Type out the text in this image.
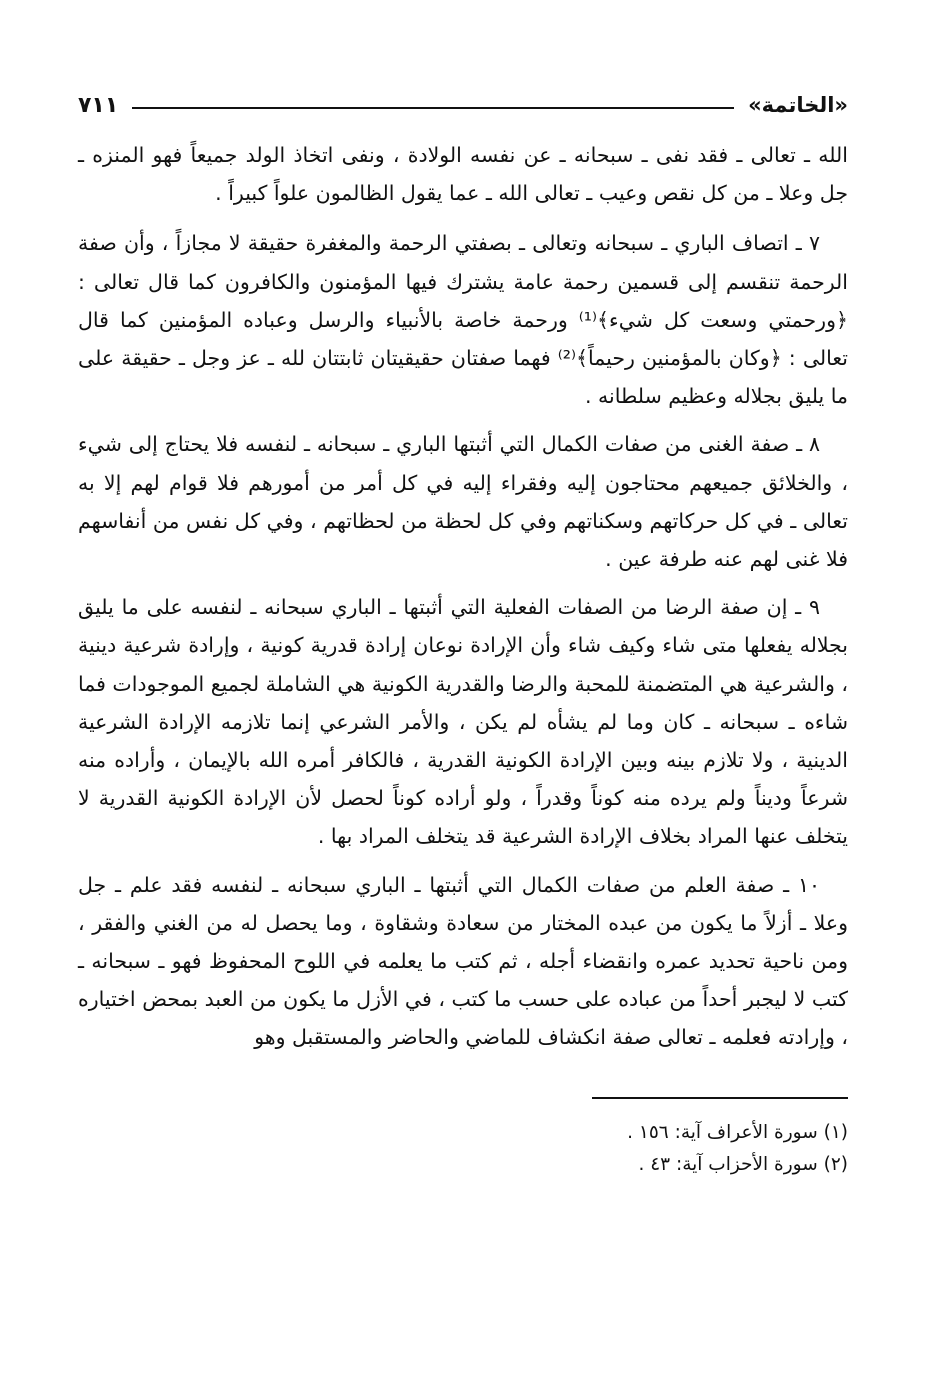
«الخاتمة»
٧١١

الله ـ تعالى ـ فقد نفى ـ سبحانه ـ عن نفسه الولادة ، ونفى اتخاذ الولد جميعاً فهو المنزه ـ جل وعلا ـ من كل نقص وعيب ـ تعالى الله ـ عما يقول الظالمون علواً كبيراً .

٧ ـ اتصاف الباري ـ سبحانه وتعالى ـ بصفتي الرحمة والمغفرة حقيقة لا مجازاً ، وأن صفة الرحمة تنقسم إلى قسمين رحمة عامة يشترك فيها المؤمنون والكافرون كما قال تعالى : ﴿ورحمتي وسعت كل شيء﴾⁽¹⁾ ورحمة خاصة بالأنبياء والرسل وعباده المؤمنين كما قال تعالى : ﴿وكان بالمؤمنين رحيماً﴾⁽²⁾ فهما صفتان حقيقيتان ثابتتان لله ـ عز وجل ـ حقيقة على ما يليق بجلاله وعظيم سلطانه .

٨ ـ صفة الغنى من صفات الكمال التي أثبتها الباري ـ سبحانه ـ لنفسه فلا يحتاج إلى شيء ، والخلائق جميعهم محتاجون إليه وفقراء إليه في كل أمر من أمورهم فلا قوام لهم إلا به تعالى ـ في كل حركاتهم وسكناتهم وفي كل لحظة من لحظاتهم ، وفي كل نفس من أنفاسهم فلا غنى لهم عنه طرفة عين .

٩ ـ إن صفة الرضا من الصفات الفعلية التي أثبتها ـ الباري سبحانه ـ لنفسه على ما يليق بجلاله يفعلها متى شاء وكيف شاء وأن الإرادة نوعان إرادة قدرية كونية ، وإرادة شرعية دينية ، والشرعية هي المتضمنة للمحبة والرضا والقدرية الكونية هي الشاملة لجميع الموجودات فما شاءه ـ سبحانه ـ كان وما لم يشأه لم يكن ، والأمر الشرعي إنما تلازمه الإرادة الشرعية الدينية ، ولا تلازم بينه وبين الإرادة الكونية القدرية ، فالكافر أمره الله بالإيمان ، وأراده منه شرعاً وديناً ولم يرده منه كوناً وقدراً ، ولو أراده كوناً لحصل لأن الإرادة الكونية القدرية لا يتخلف عنها المراد بخلاف الإرادة الشرعية قد يتخلف المراد بها .

١٠ ـ صفة العلم من صفات الكمال التي أثبتها ـ الباري سبحانه ـ لنفسه فقد علم ـ جل وعلا ـ أزلاً ما يكون من عبده المختار من سعادة وشقاوة ، وما يحصل له من الغني والفقر ، ومن ناحية تحديد عمره وانقضاء أجله ، ثم كتب ما يعلمه في اللوح المحفوظ فهو ـ سبحانه ـ كتب لا ليجبر أحداً من عباده على حسب ما كتب ، في الأزل ما يكون من العبد بمحض اختياره ، وإرادته فعلمه ـ تعالى صفة انكشاف للماضي والحاضر والمستقبل وهو

(١) سورة الأعراف آية: ١٥٦ .

(٢) سورة الأحزاب آية: ٤٣ .
